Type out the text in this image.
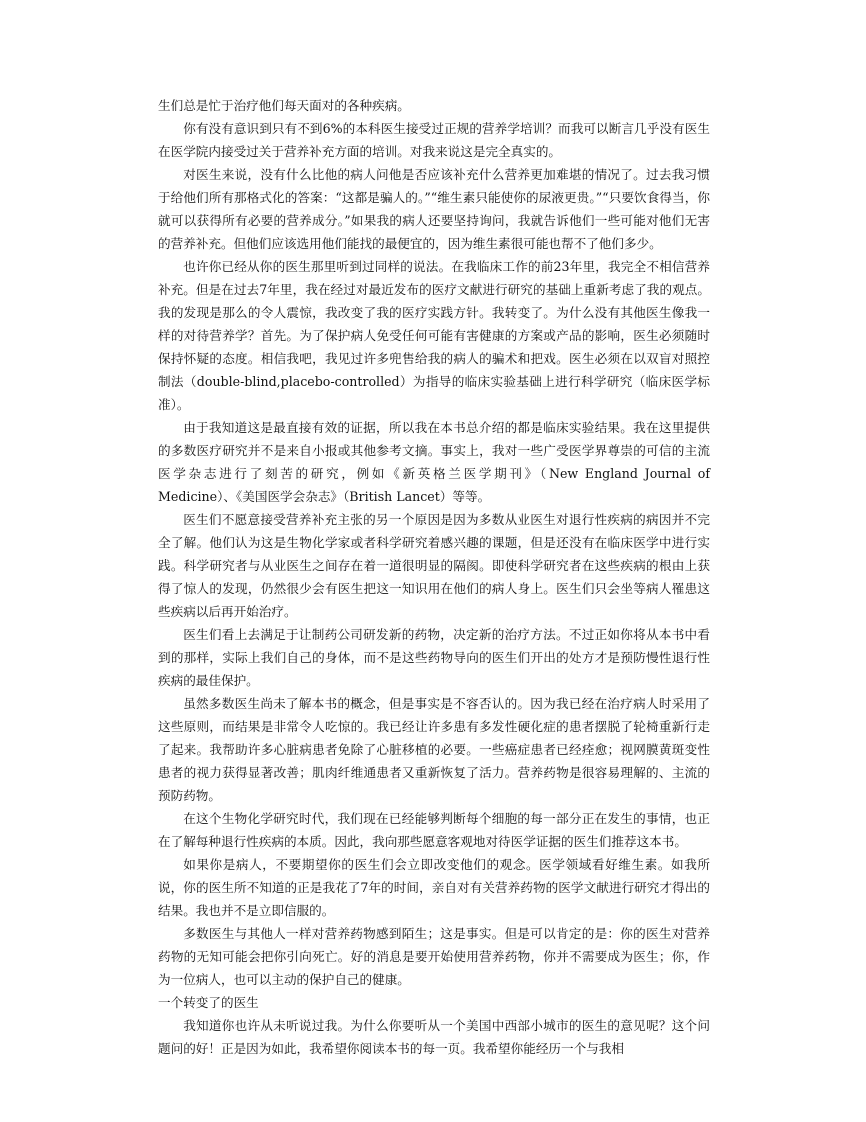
生们总是忙于治疗他们每天面对的各种疾病。

你有没有意识到只有不到6%的本科医生接受过正规的营养学培训？而我可以断言几乎没有医生在医学院内接受过关于营养补充方面的培训。对我来说这是完全真实的。

对医生来说，没有什么比他的病人问他是否应该补充什么营养更加难堪的情况了。过去我习惯于给他们所有那格式化的答案：“这都是骗人的。”“维生素只能使你的尿液更贵。”“只要饮食得当，你就可以获得所有必要的营养成分。”如果我的病人还要坚持询问，我就告诉他们一些可能对他们无害的营养补充。但他们应该选用他们能找的最便宜的，因为维生素很可能也帮不了他们多少。

也许你已经从你的医生那里听到过同样的说法。在我临床工作的前23年里，我完全不相信营养补充。但是在过去7年里，我在经过对最近发布的医疗文献进行研究的基础上重新考虑了我的观点。我的发现是那么的令人震惊，我改变了我的医疗实践方针。我转变了。为什么没有其他医生像我一样的对待营养学？首先。为了保护病人免受任何可能有害健康的方案或产品的影响，医生必须随时保持怀疑的态度。相信我吧，我见过许多兜售给我的病人的骗术和把戏。医生必须在以双盲对照控制法（double-blind,placebo-controlled）为指导的临床实验基础上进行科学研究（临床医学标准）。

由于我知道这是最直接有效的证据，所以我在本书总介绍的都是临床实验结果。我在这里提供的多数医疗研究并不是来自小报或其他参考文摘。事实上，我对一些广受医学界尊崇的可信的主流医学杂志进行了刻苦的研究，例如《新英格兰医学期刊》（New England Journal of Medicine）、《美国医学会杂志》（British Lancet）等等。

医生们不愿意接受营养补充主张的另一个原因是因为多数从业医生对退行性疾病的病因并不完全了解。他们认为这是生物化学家或者科学研究着感兴趣的课题，但是还没有在临床医学中进行实践。科学研究者与从业医生之间存在着一道很明显的隔阂。即使科学研究者在这些疾病的根由上获得了惊人的发现，仍然很少会有医生把这一知识用在他们的病人身上。医生们只会坐等病人罹患这些疾病以后再开始治疗。

医生们看上去满足于让制药公司研发新的药物，决定新的治疗方法。不过正如你将从本书中看到的那样，实际上我们自己的身体，而不是这些药物导向的医生们开出的处方才是预防慢性退行性疾病的最佳保护。

虽然多数医生尚未了解本书的概念，但是事实是不容否认的。因为我已经在治疗病人时采用了这些原则，而结果是非常令人吃惊的。我已经让许多患有多发性硬化症的患者摆脱了轮椅重新行走了起来。我帮助许多心脏病患者免除了心脏移植的必要。一些癌症患者已经痊愈；视网膜黄斑变性患者的视力获得显著改善；肌肉纤维通患者又重新恢复了活力。营养药物是很容易理解的、主流的预防药物。

在这个生物化学研究时代，我们现在已经能够判断每个细胞的每一部分正在发生的事情，也正在了解每种退行性疾病的本质。因此，我向那些愿意客观地对待医学证据的医生们推荐这本书。

如果你是病人，不要期望你的医生们会立即改变他们的观念。医学领域看好维生素。如我所说，你的医生所不知道的正是我花了7年的时间，亲自对有关营养药物的医学文献进行研究才得出的结果。我也并不是立即信服的。

多数医生与其他人一样对营养药物感到陌生；这是事实。但是可以肯定的是：你的医生对营养药物的无知可能会把你引向死亡。好的消息是要开始使用营养药物，你并不需要成为医生；你，作为一位病人，也可以主动的保护自己的健康。

一个转变了的医生

我知道你也许从未听说过我。为什么你要听从一个美国中西部小城市的医生的意见呢？这个问题问的好！正是因为如此，我希望你阅读本书的每一页。我希望你能经历一个与我相
